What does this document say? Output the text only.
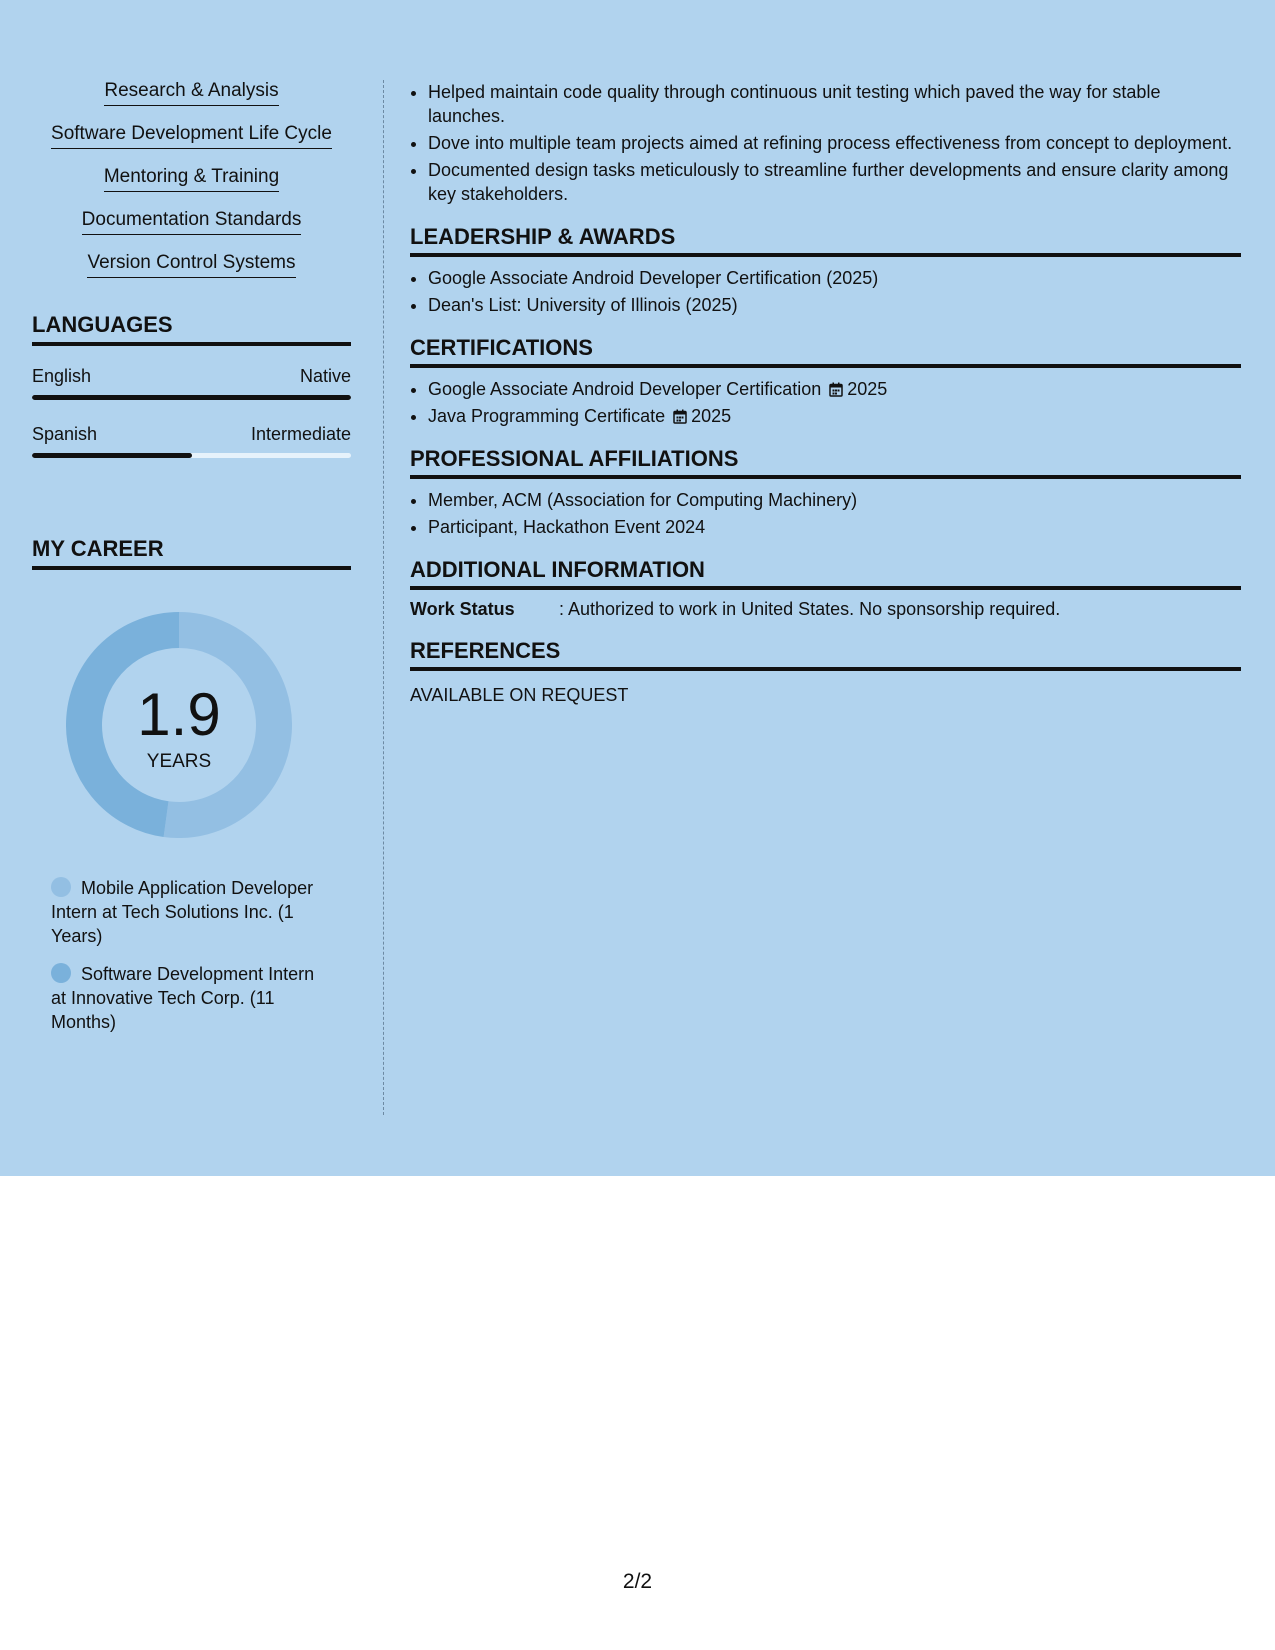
Research & Analysis
Software Development Life Cycle
Mentoring & Training
Documentation Standards
Version Control Systems
LANGUAGES
English	Native
Spanish	Intermediate
MY CAREER
1.9
YEARS
Mobile Application Developer Intern at Tech Solutions Inc. (1 Years)
Software Development Intern at Innovative Tech Corp. (11 Months)
• Helped maintain code quality through continuous unit testing which paved the way for stable launches.
• Dove into multiple team projects aimed at refining process effectiveness from concept to deployment.
• Documented design tasks meticulously to streamline further developments and ensure clarity among key stakeholders.
LEADERSHIP & AWARDS
• Google Associate Android Developer Certification (2025)
• Dean's List: University of Illinois (2025)
CERTIFICATIONS
• Google Associate Android Developer Certification 2025
• Java Programming Certificate 2025
PROFESSIONAL AFFILIATIONS
• Member, ACM (Association for Computing Machinery)
• Participant, Hackathon Event 2024
ADDITIONAL INFORMATION
Work Status : Authorized to work in United States. No sponsorship required.
REFERENCES
AVAILABLE ON REQUEST
2/2
